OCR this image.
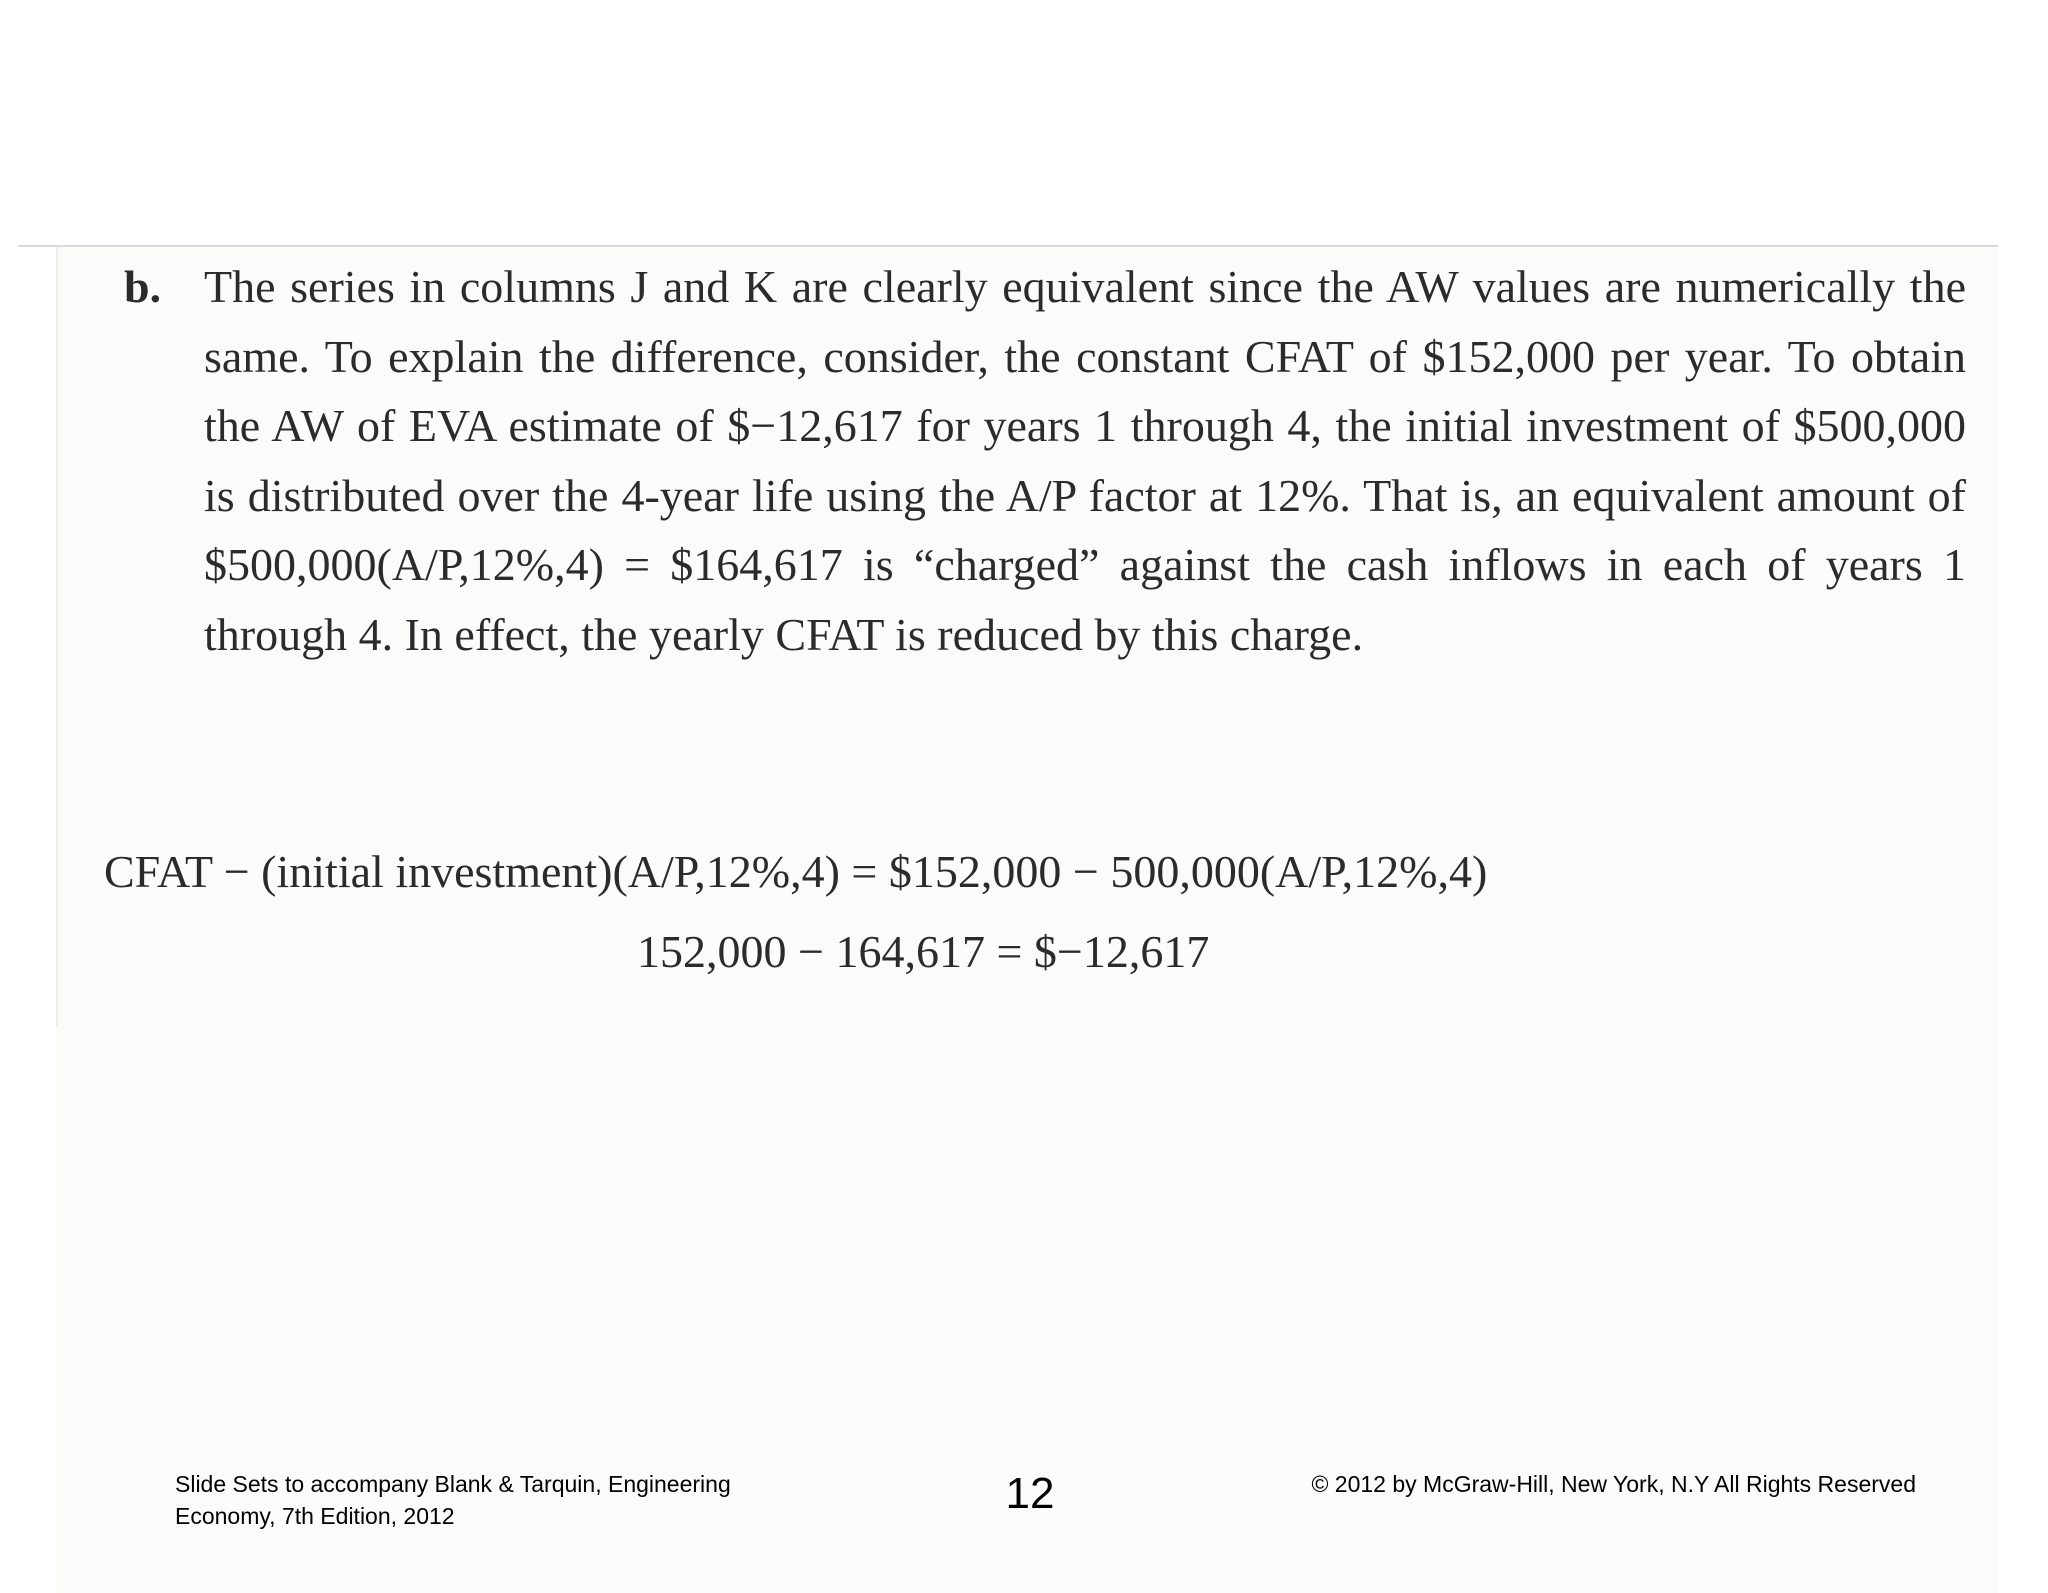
b. The series in columns J and K are clearly equivalent since the AW values are numerically the same. To explain the difference, consider, the constant CFAT of $152,000 per year. To obtain the AW of EVA estimate of $−12,617 for years 1 through 4, the initial investment of $500,000 is distributed over the 4-year life using the A/P factor at 12%. That is, an equivalent amount of $500,000(A/P,12%,4) = $164,617 is “charged” against the cash inflows in each of years 1 through 4. In effect, the yearly CFAT is reduced by this charge.
CFAT − (initial investment)(A/P,12%,4) = $152,000 − 500,000(A/P,12%,4)
152,000 − 164,617 = $−12,617
Slide Sets to accompany Blank & Tarquin, Engineering Economy, 7th Edition, 2012	12	© 2012 by McGraw-Hill, New York, N.Y All Rights Reserved
